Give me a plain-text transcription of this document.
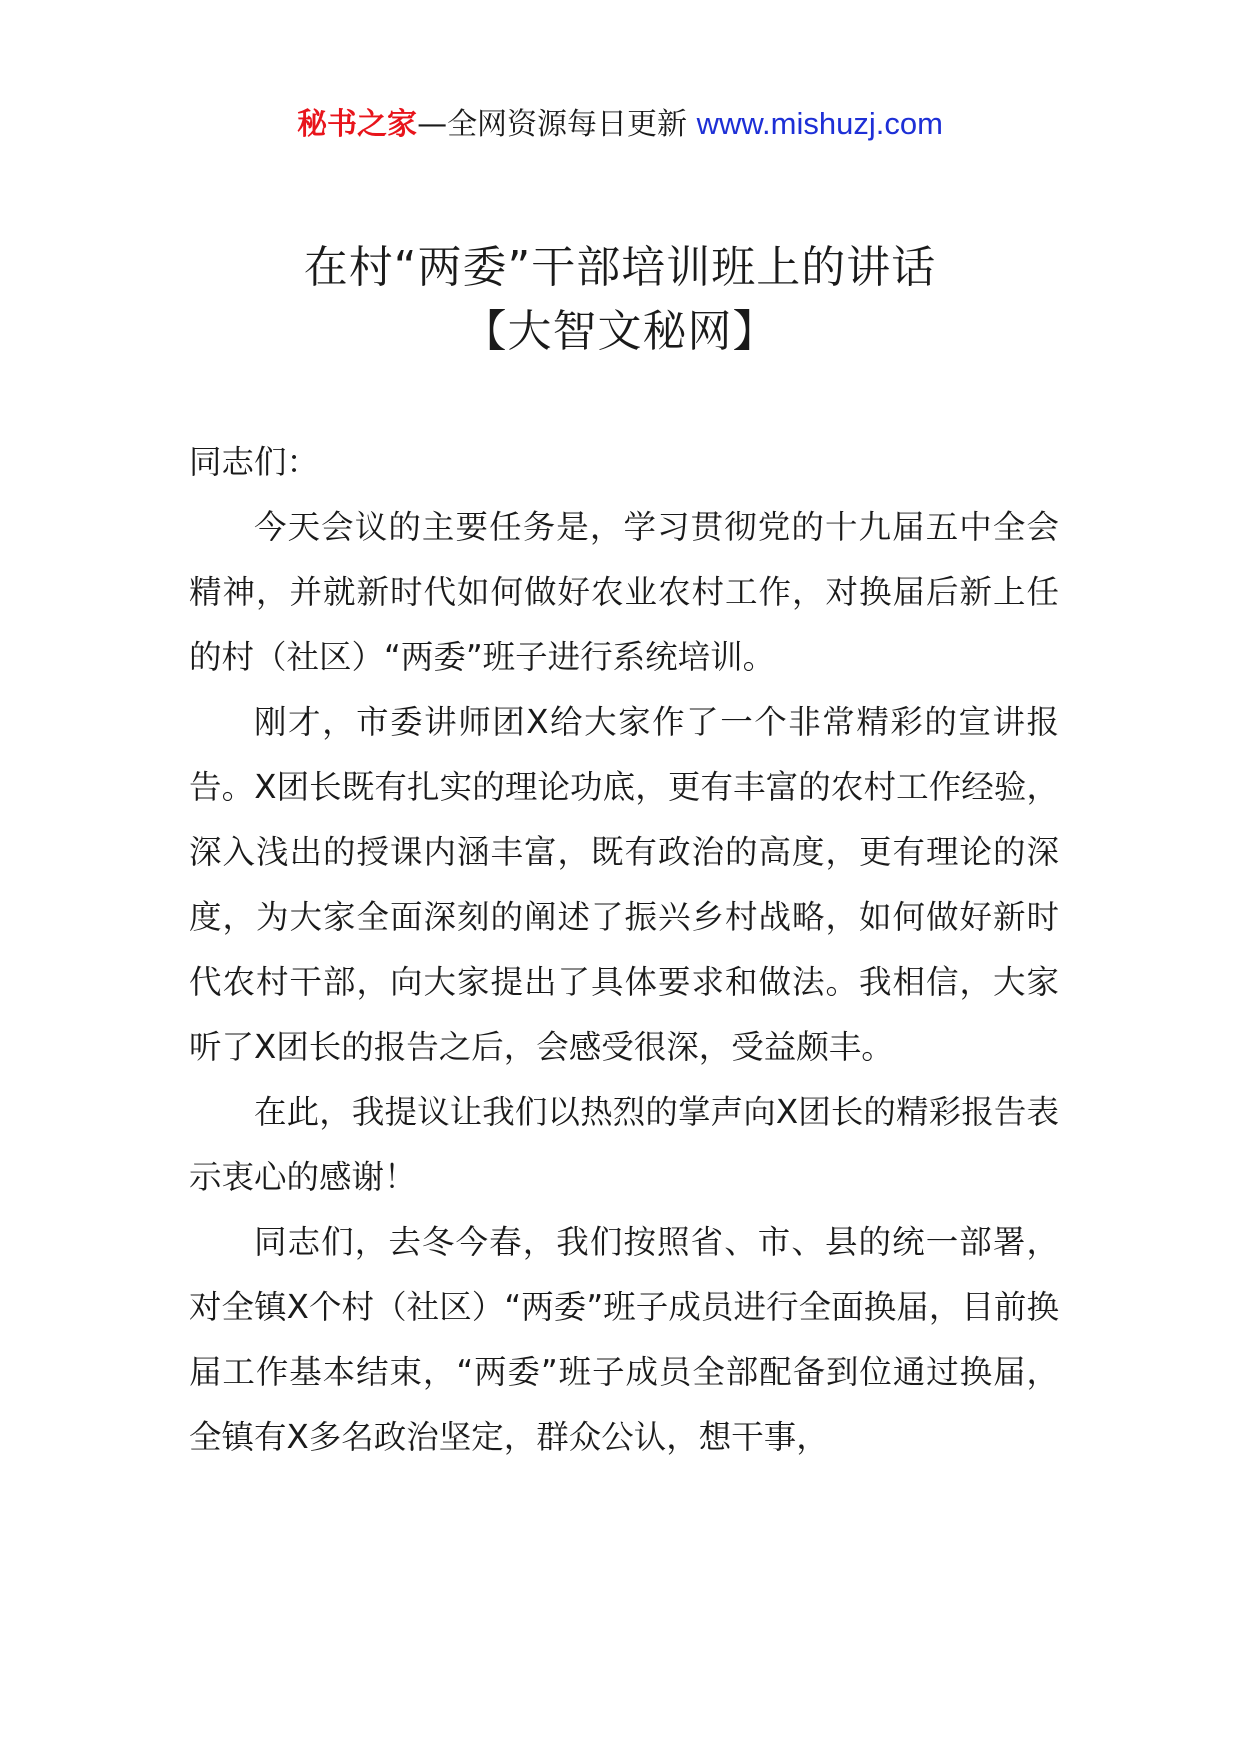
秘书之家—全网资源每日更新 www.mishuzj.com
在村“两委”干部培训班上的讲话
【大智文秘网】

同志们：

今天会议的主要任务是，学习贯彻党的十九届五中全会精神，并就新时代如何做好农业农村工作，对换届后新上任的村（社区）“两委”班子进行系统培训。

刚才，市委讲师团X给大家作了一个非常精彩的宣讲报告。X团长既有扎实的理论功底，更有丰富的农村工作经验，深入浅出的授课内涵丰富，既有政治的高度，更有理论的深度，为大家全面深刻的阐述了振兴乡村战略，如何做好新时代农村干部，向大家提出了具体要求和做法。我相信，大家听了X团长的报告之后，会感受很深，受益颇丰。

在此，我提议让我们以热烈的掌声向X团长的精彩报告表示衷心的感谢！

同志们，去冬今春，我们按照省、市、县的统一部署，对全镇X个村（社区）“两委”班子成员进行全面换届，目前换届工作基本结束，“两委”班子成员全部配备到位通过换届，全镇有X多名政治坚定，群众公认，想干事，
